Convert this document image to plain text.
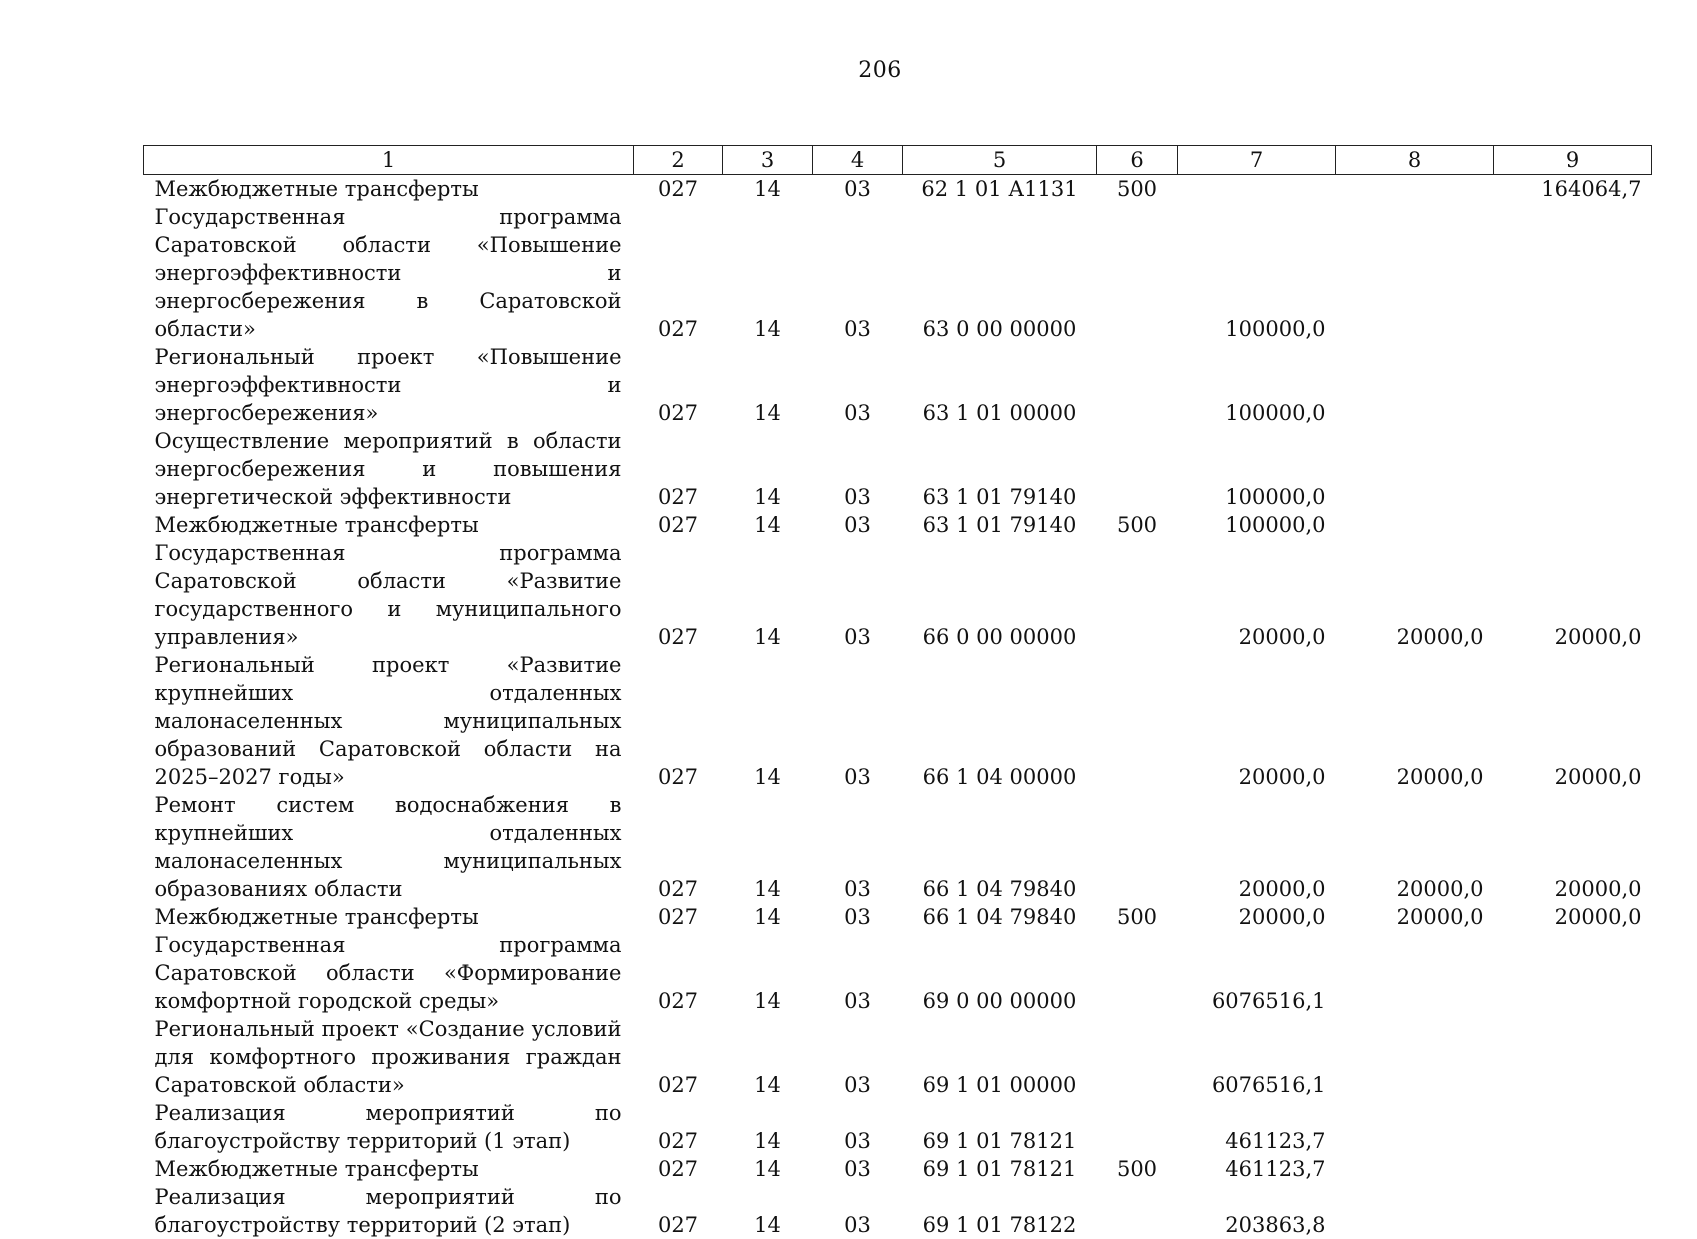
206
1	2	3	4	5	6	7	8	9
Межбюджетные трансферты	027	14	03	62 1 01 А1131	500			164064,7
Государственная программа Саратовской области «Повышение энергоэффективности и энергосбережения в Саратовской области»	027	14	03	63 0 00 00000		100000,0		
Региональный проект «Повышение энергоэффективности и энергосбережения»	027	14	03	63 1 01 00000		100000,0		
Осуществление мероприятий в области энергосбережения и повышения энергетической эффективности	027	14	03	63 1 01 79140		100000,0		
Межбюджетные трансферты	027	14	03	63 1 01 79140	500	100000,0		
Государственная программа Саратовской области «Развитие государственного и муниципального управления»	027	14	03	66 0 00 00000		20000,0	20000,0	20000,0
Региональный проект «Развитие крупнейших отдаленных малонаселенных муниципальных образований Саратовской области на 2025–2027 годы»	027	14	03	66 1 04 00000		20000,0	20000,0	20000,0
Ремонт систем водоснабжения в крупнейших отдаленных малонаселенных муниципальных образованиях области	027	14	03	66 1 04 79840		20000,0	20000,0	20000,0
Межбюджетные трансферты	027	14	03	66 1 04 79840	500	20000,0	20000,0	20000,0
Государственная программа Саратовской области «Формирование комфортной городской среды»	027	14	03	69 0 00 00000		6076516,1		
Региональный проект «Создание условий для комфортного проживания граждан Саратовской области»	027	14	03	69 1 01 00000		6076516,1		
Реализация мероприятий по благоустройству территорий (1 этап)	027	14	03	69 1 01 78121		461123,7		
Межбюджетные трансферты	027	14	03	69 1 01 78121	500	461123,7		
Реализация мероприятий по благоустройству территорий (2 этап)	027	14	03	69 1 01 78122		203863,8		
